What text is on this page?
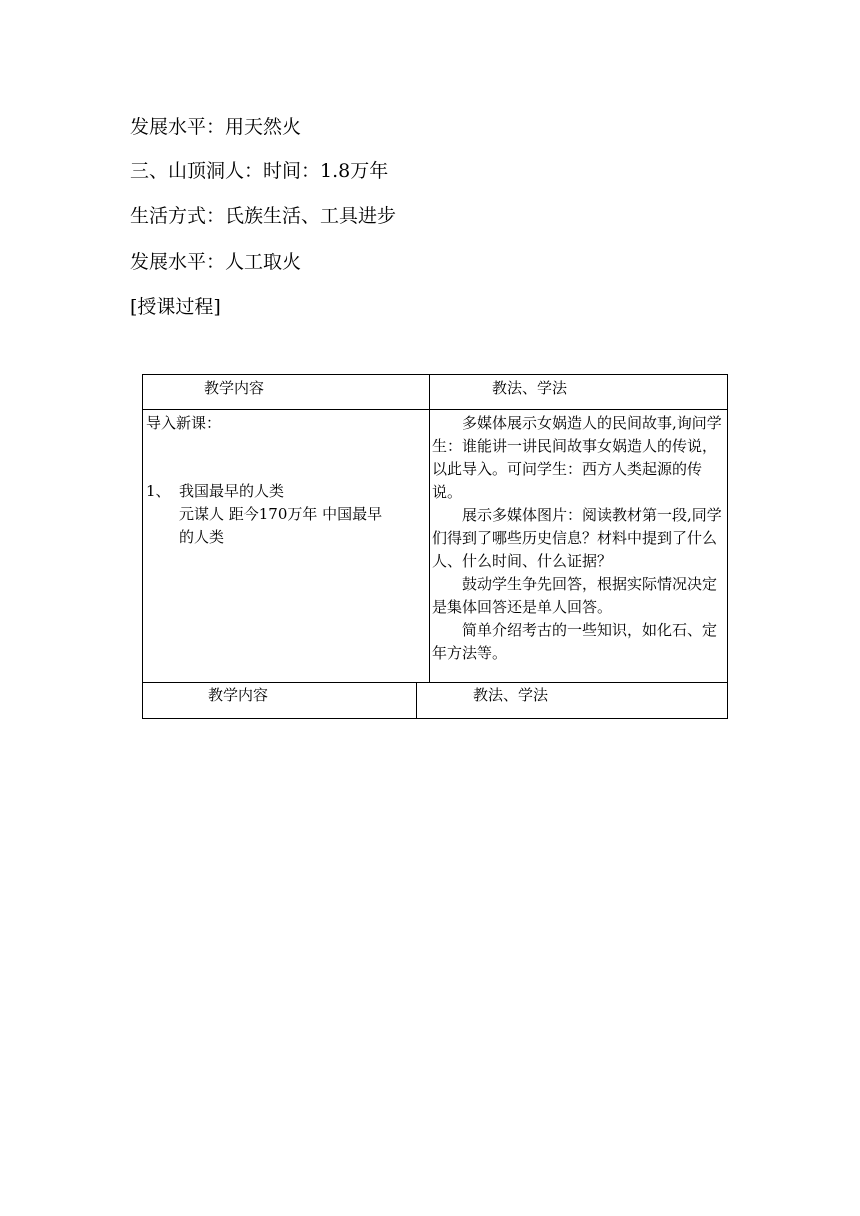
发展水平：用天然火
三、山顶洞人：时间：1.8万年
生活方式：氏族生活、工具进步
发展水平：人工取火
[授课过程]
教学内容	教法、学法
导入新课：
1、 我国最早的人类
元谋人 距今170万年 中国最早
的人类
多媒体展示女娲造人的民间故事,询问学生：谁能讲一讲民间故事女娲造人的传说，以此导入。可问学生：西方人类起源的传说。
展示多媒体图片：阅读教材第一段,同学们得到了哪些历史信息？材料中提到了什么人、什么时间、什么证据？
鼓动学生争先回答，根据实际情况决定是集体回答还是单人回答。
简单介绍考古的一些知识，如化石、定年方法等。
教学内容	教法、学法
